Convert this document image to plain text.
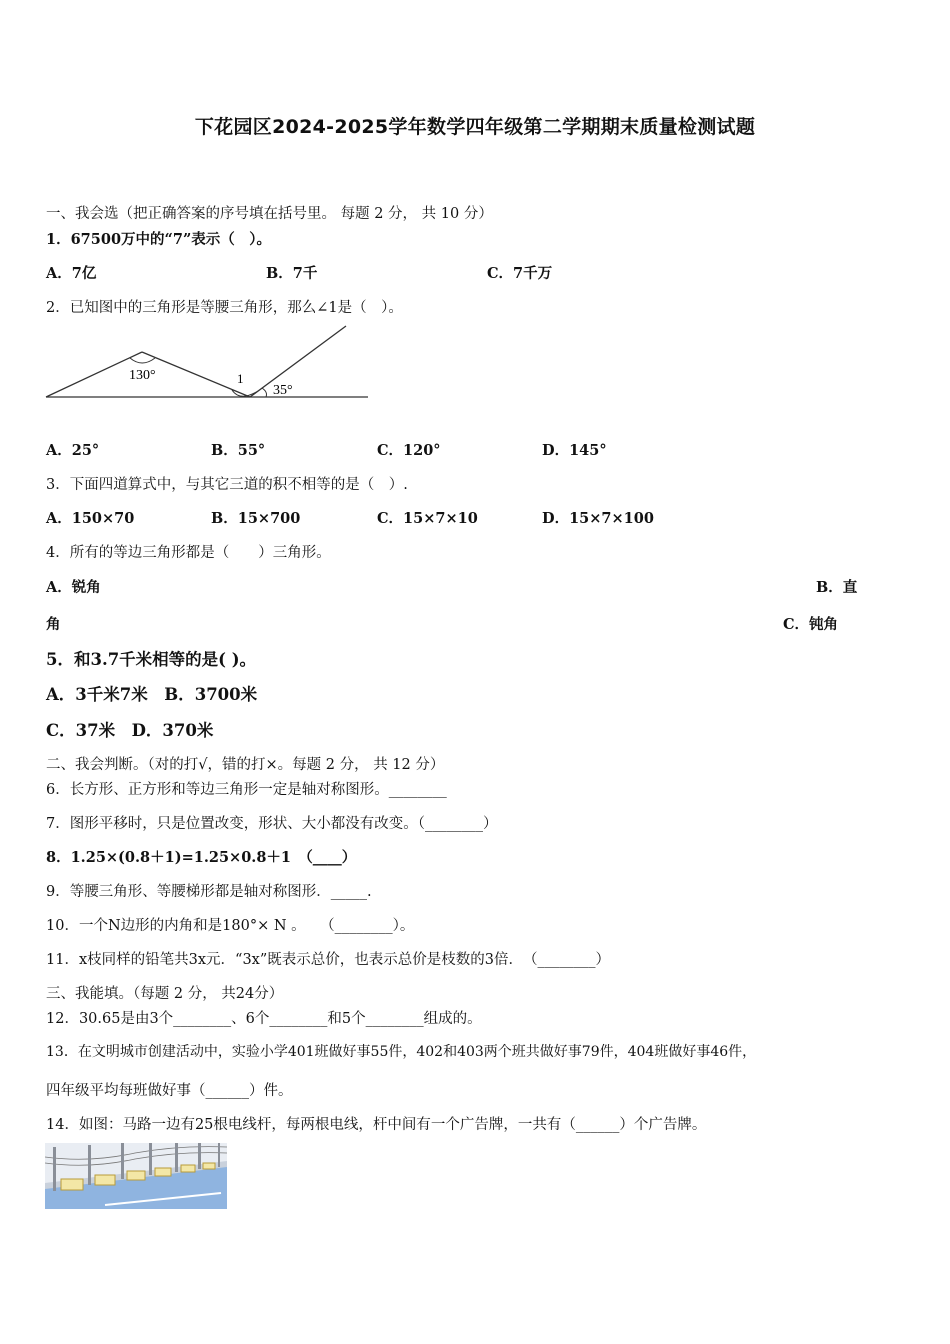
下花园区2024-2025学年数学四年级第二学期期末质量检测试题
一、我会选（把正确答案的序号填在括号里。 每题 2 分， 共 10 分）
1．67500万中的“7”表示（　）。
A．7亿	B．7千	C．7千万
2．已知图中的三角形是等腰三角形，那么∠1是（　）。
130°	1
35°
A．25°	B．55°	C．120°	D．145°
3．下面四道算式中，与其它三道的积不相等的是（　）.
A．150×70	B．15×700	C．15×7×10	D．15×7×100
4．所有的等边三角形都是（　　）三角形。
A．锐角	B．直
角	C．钝角
5．和3.7千米相等的是( )。
A．3千米7米　B．3700米
C．37米　D．370米
二、我会判断。（对的打√，错的打×。每题 2 分， 共 12 分）
6．长方形、正方形和等边三角形一定是轴对称图形。________
7．图形平移时，只是位置改变，形状、大小都没有改变。（________）
8．1.25×(0.8＋1)=1.25×0.8＋1　（____）
9．等腰三角形、等腰梯形都是轴对称图形．_____.
10．一个N边形的内角和是180°× N 。　　（________）。
11．x枝同样的铅笔共3x元．“3x”既表示总价，也表示总价是枝数的3倍．　（________）
三、我能填。（每题 2 分， 共24分）
12．30.65是由3个________、6个________和5个________组成的。
13．在文明城市创建活动中，实验小学401班做好事55件，402和403两个班共做好事79件，404班做好事46件，
四年级平均每班做好事（______）件。
14．如图：马路一边有25根电线杆，每两根电线，杆中间有一个广告牌，一共有（______）个广告牌。
